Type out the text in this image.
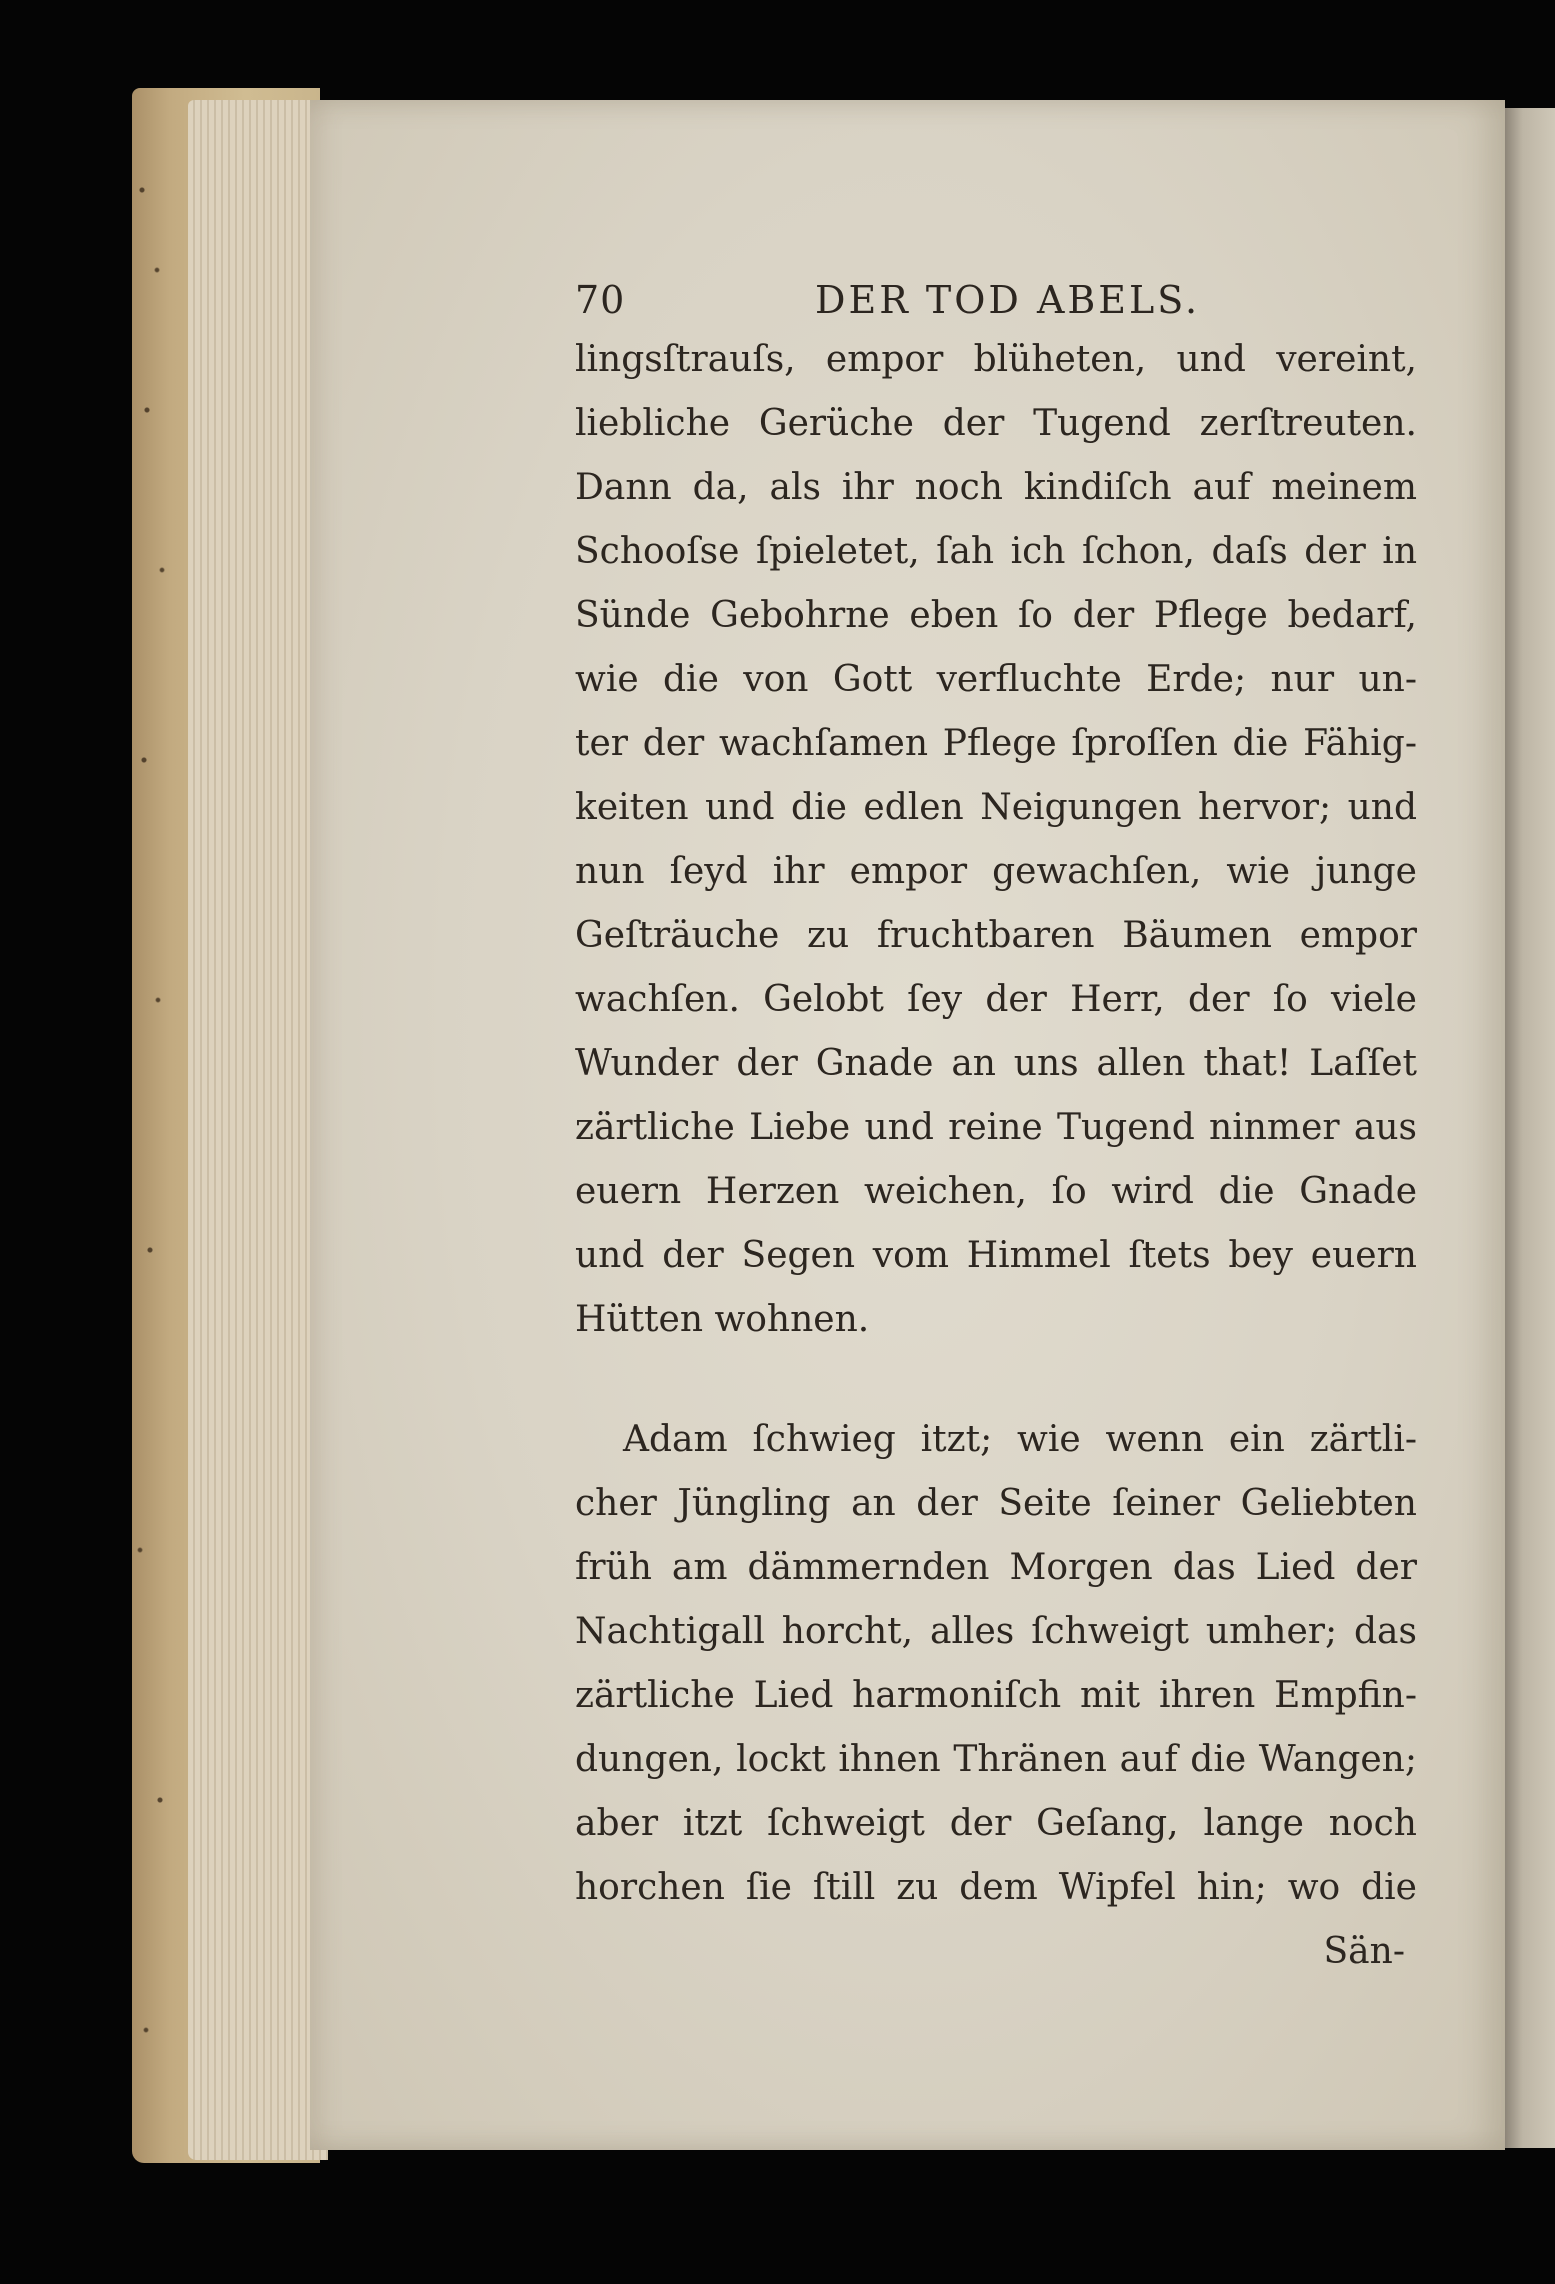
70	DER TOD ABELS.
lingsſtrauſs, empor blüheten, und vereint,
liebliche Gerüche der Tugend zerſtreuten.
Dann da, als ihr noch kindiſch auf meinem
Schooſse ſpieletet, ſah ich ſchon, daſs der in
Sünde Gebohrne eben ſo der Pflege bedarf,
wie die von Gott verfluchte Erde; nur un-
ter der wachſamen Pflege ſproſſen die Fähig-
keiten und die edlen Neigungen hervor; und
nun ſeyd ihr empor gewachſen, wie junge
Geſträuche zu fruchtbaren Bäumen empor
wachſen. Gelobt ſey der Herr, der ſo viele
Wunder der Gnade an uns allen that! Laſſet
zärtliche Liebe und reine Tugend ninmer aus
euern Herzen weichen, ſo wird die Gnade
und der Segen vom Himmel ſtets bey euern
Hütten wohnen.
Adam ſchwieg itzt; wie wenn ein zärtli-
cher Jüngling an der Seite ſeiner Geliebten
früh am dämmernden Morgen das Lied der
Nachtigall horcht, alles ſchweigt umher; das
zärtliche Lied harmoniſch mit ihren Empfin-
dungen, lockt ihnen Thränen auf die Wangen;
aber itzt ſchweigt der Geſang, lange noch
horchen ſie ſtill zu dem Wipfel hin; wo die
Sän-
